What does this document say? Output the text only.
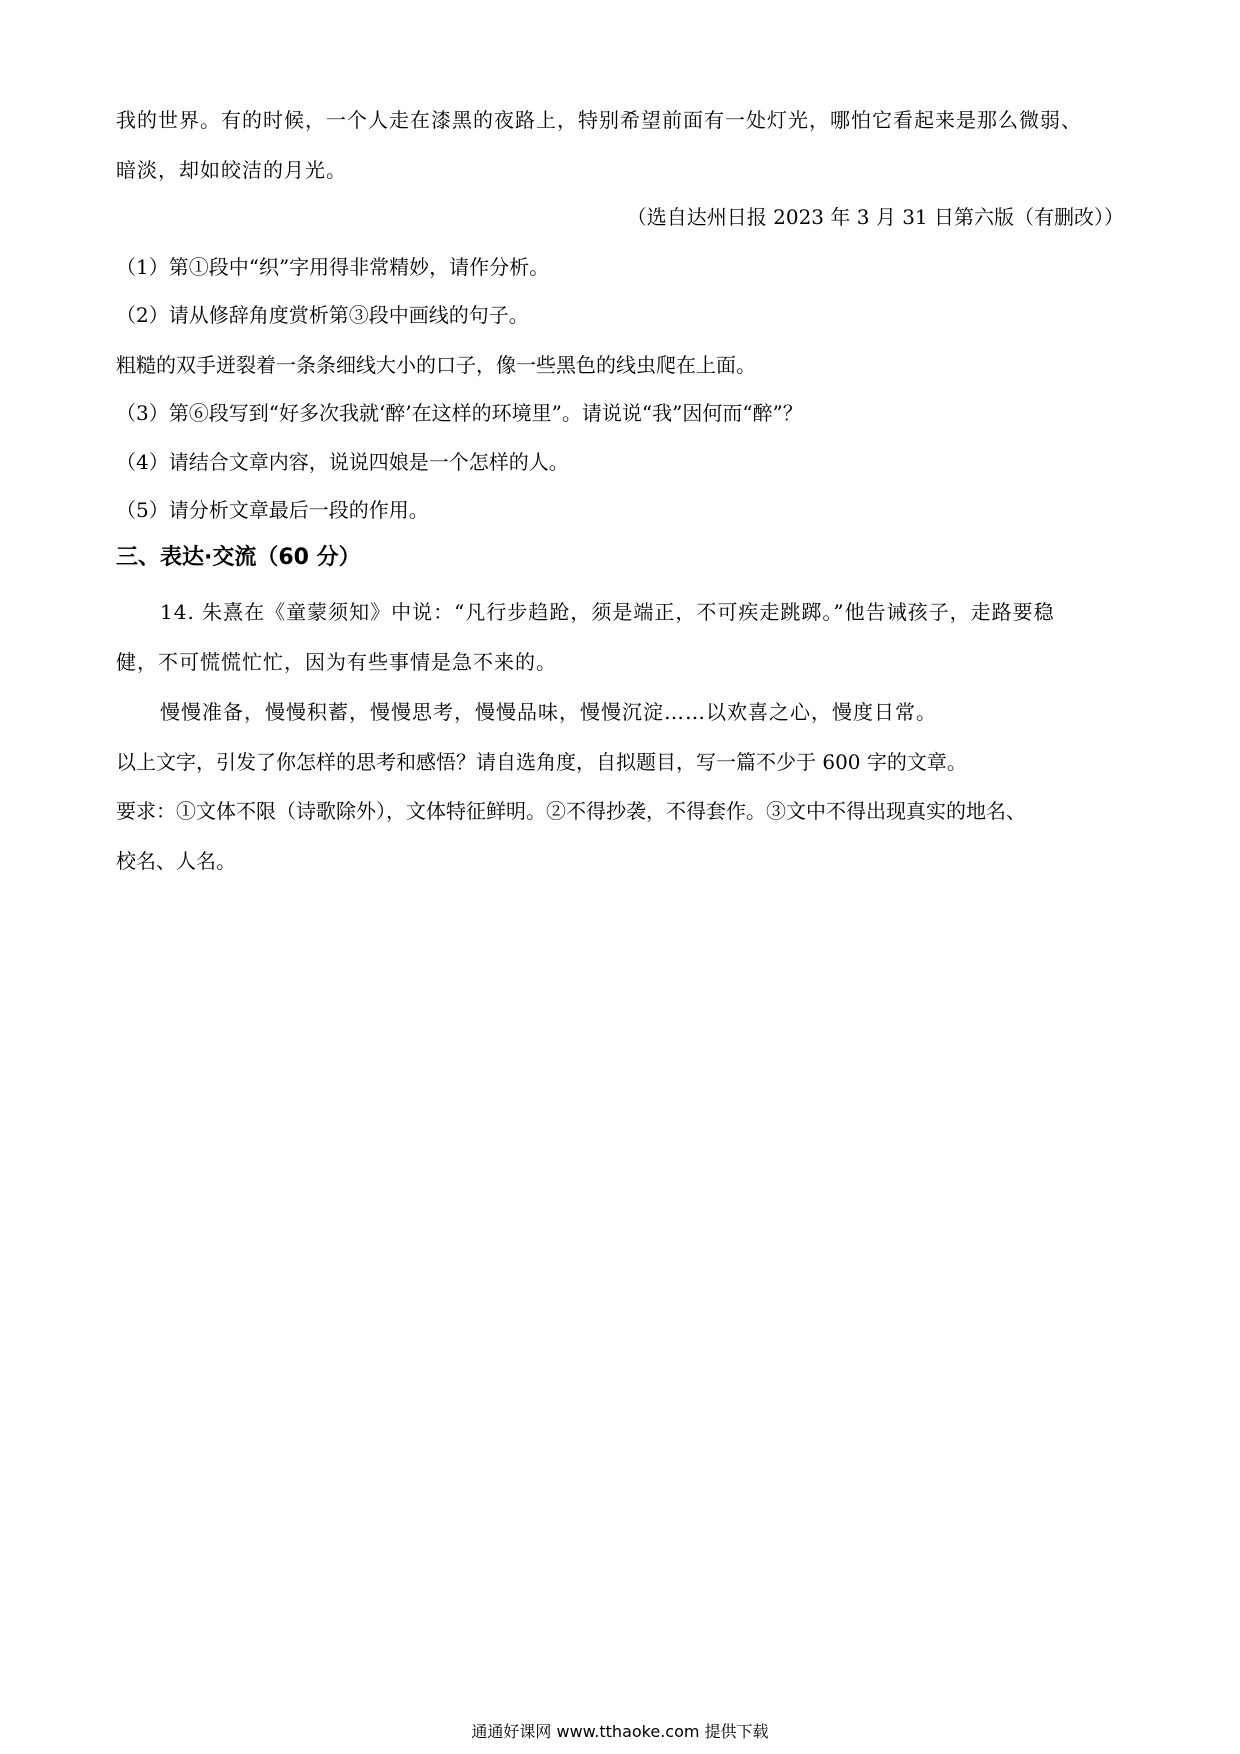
我的世界。有的时候，一个人走在漆黑的夜路上，特别希望前面有一处灯光，哪怕它看起来是那么微弱、
暗淡，却如皎洁的月光。
（选自达州日报 2023 年 3 月 31 日第六版（有删改））
（1）第①段中“织”字用得非常精妙，请作分析。
（2）请从修辞角度赏析第③段中画线的句子。
粗糙的双手迸裂着一条条细线大小的口子，像一些黑色的线虫爬在上面。
（3）第⑥段写到“好多次我就‘醉’在这样的环境里”。请说说“我”因何而“醉”？
（4）请结合文章内容，说说四娘是一个怎样的人。
（5）请分析文章最后一段的作用。
三、表达·交流（60 分）
14. 朱熹在《童蒙须知》中说：“凡行步趋跄，须是端正，不可疾走跳踯。”他告诫孩子，走路要稳
健，不可慌慌忙忙，因为有些事情是急不来的。
慢慢准备，慢慢积蓄，慢慢思考，慢慢品味，慢慢沉淀……以欢喜之心，慢度日常。
以上文字，引发了你怎样的思考和感悟？请自选角度，自拟题目，写一篇不少于 600 字的文章。
要求：①文体不限（诗歌除外），文体特征鲜明。②不得抄袭，不得套作。③文中不得出现真实的地名、
校名、人名。
通通好课网 www.tthaoke.com 提供下载
